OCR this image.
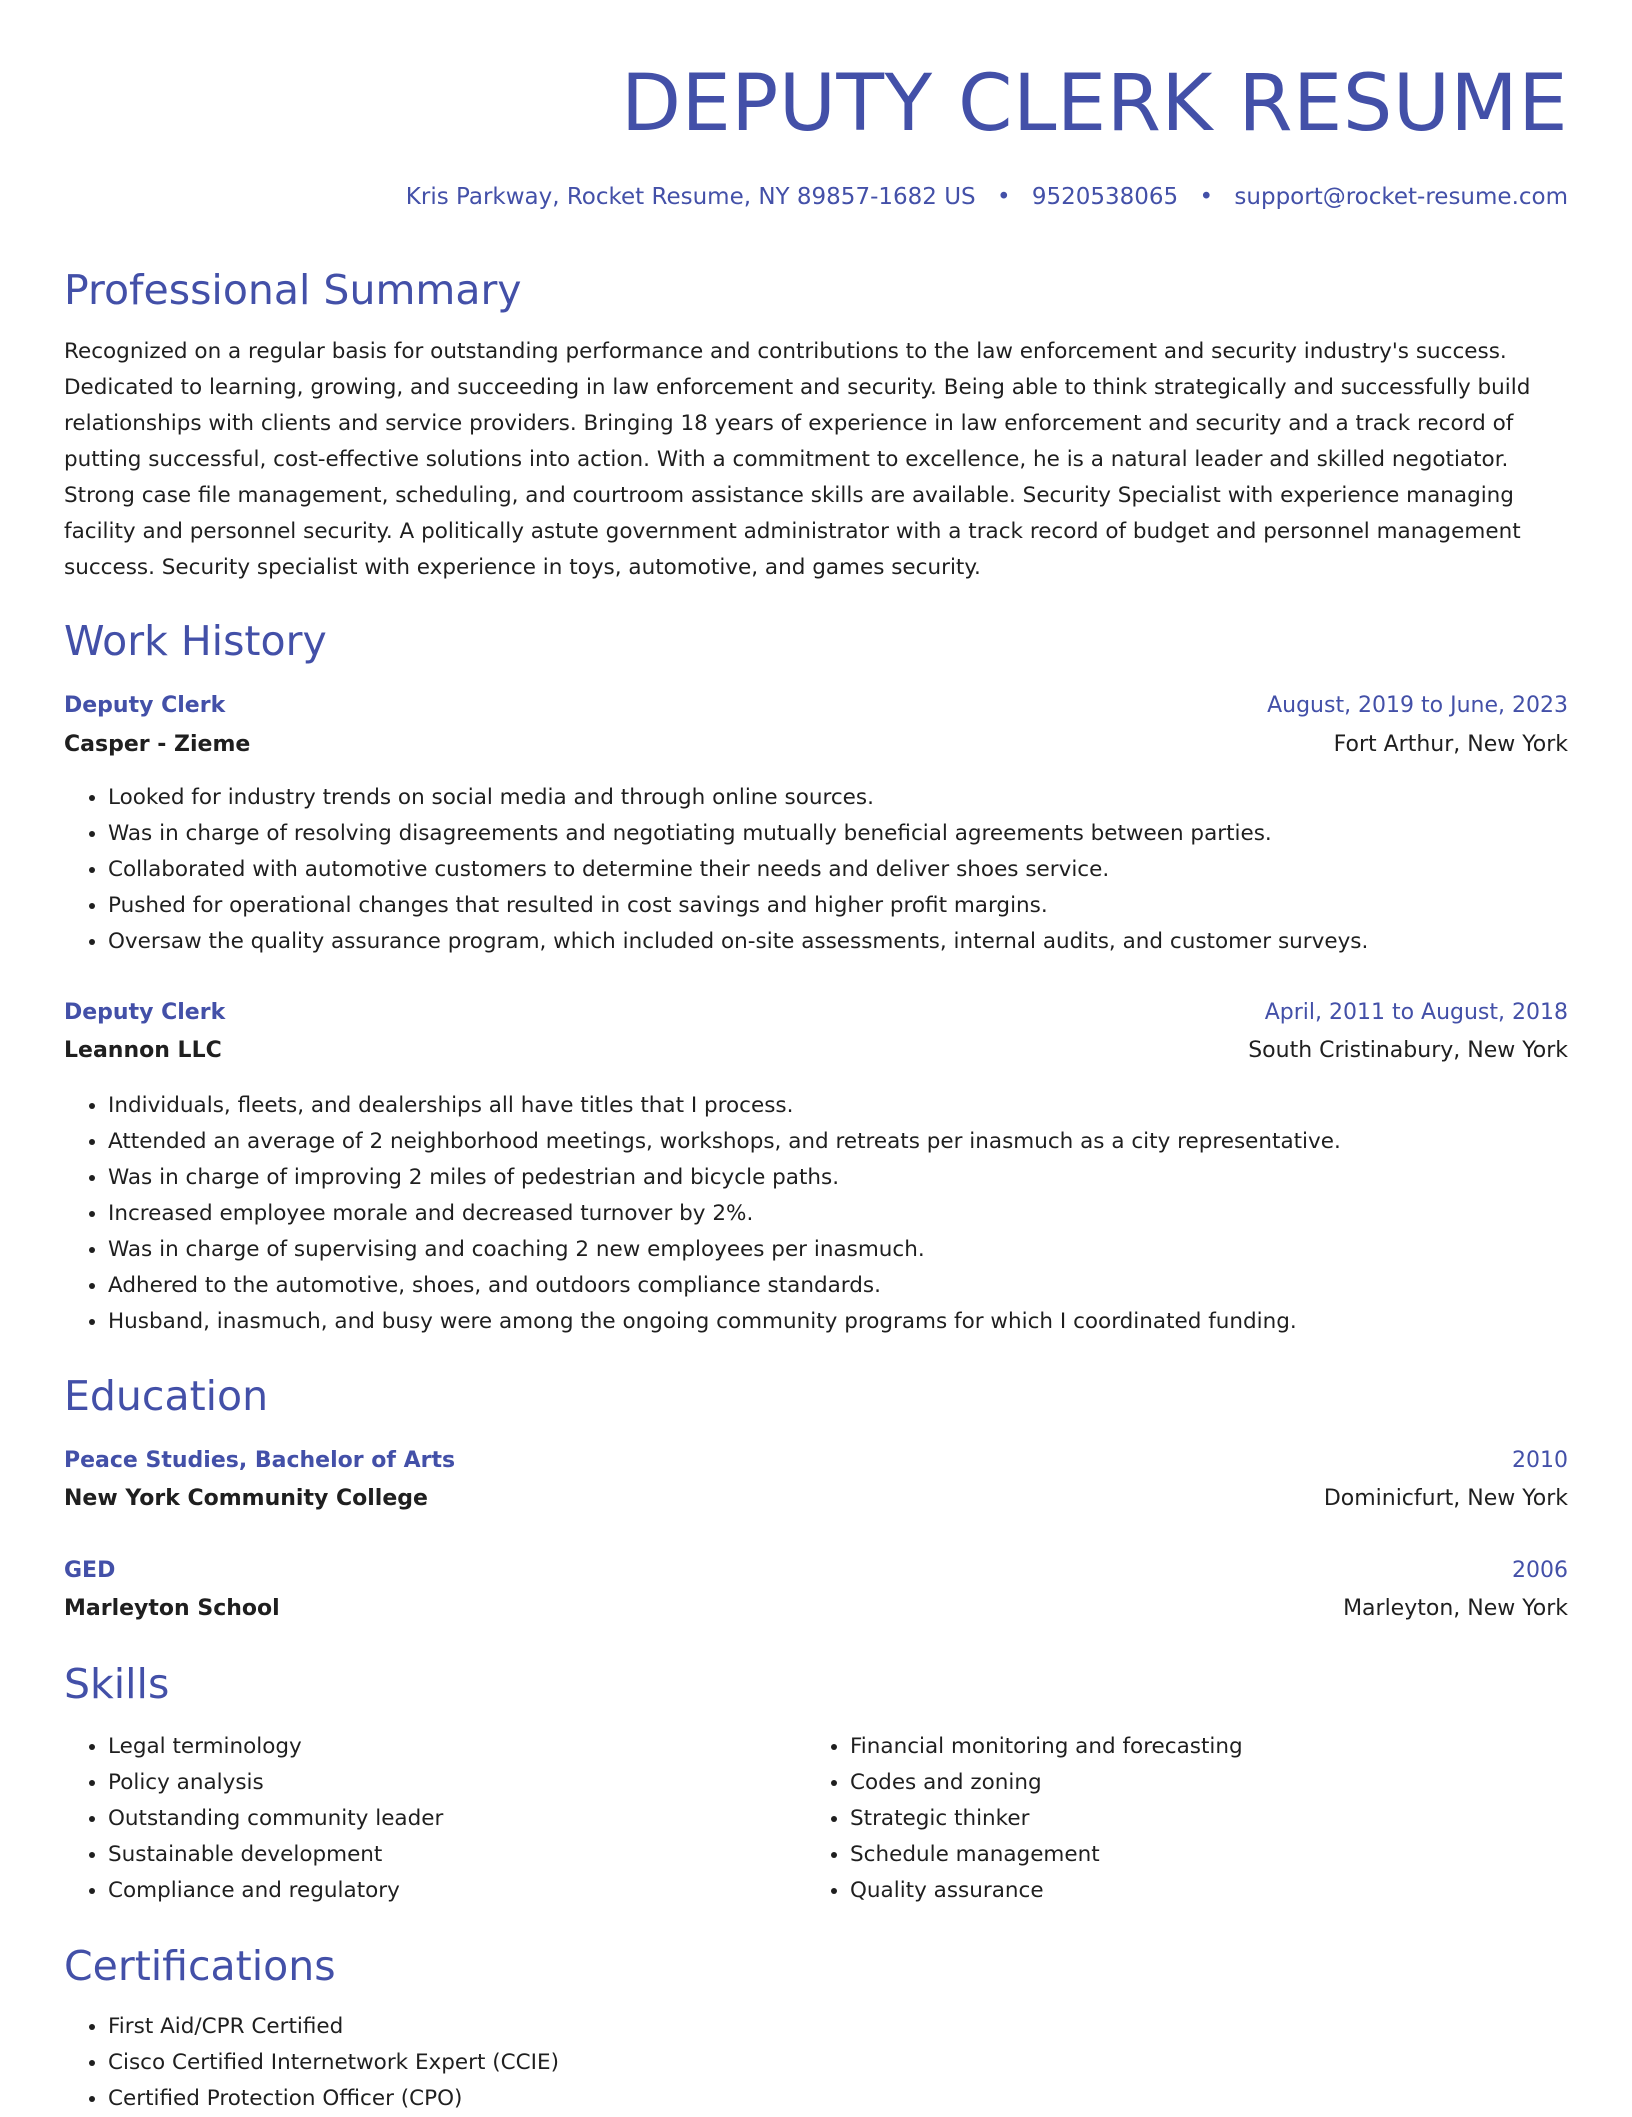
DEPUTY CLERK RESUME
Kris Parkway, Rocket Resume, NY 89857-1682 US • 9520538065 • support@rocket-resume.com
Professional Summary

Recognized on a regular basis for outstanding performance and contributions to the law enforcement and security industry's success. Dedicated to learning, growing, and succeeding in law enforcement and security. Being able to think strategically and successfully build relationships with clients and service providers. Bringing 18 years of experience in law enforcement and security and a track record of putting successful, cost-effective solutions into action. With a commitment to excellence, he is a natural leader and skilled negotiator. Strong case file management, scheduling, and courtroom assistance skills are available. Security Specialist with experience managing facility and personnel security. A politically astute government administrator with a track record of budget and personnel management success. Security specialist with experience in toys, automotive, and games security.

Work History
Deputy Clerk	August, 2019 to June, 2023
Casper - Zieme	Fort Arthur, New York
• Looked for industry trends on social media and through online sources.
• Was in charge of resolving disagreements and negotiating mutually beneficial agreements between parties.
• Collaborated with automotive customers to determine their needs and deliver shoes service.
• Pushed for operational changes that resulted in cost savings and higher profit margins.
• Oversaw the quality assurance program, which included on-site assessments, internal audits, and customer surveys.
Deputy Clerk	April, 2011 to August, 2018
Leannon LLC	South Cristinabury, New York
• Individuals, fleets, and dealerships all have titles that I process.
• Attended an average of 2 neighborhood meetings, workshops, and retreats per inasmuch as a city representative.
• Was in charge of improving 2 miles of pedestrian and bicycle paths.
• Increased employee morale and decreased turnover by 2%.
• Was in charge of supervising and coaching 2 new employees per inasmuch.
• Adhered to the automotive, shoes, and outdoors compliance standards.
• Husband, inasmuch, and busy were among the ongoing community programs for which I coordinated funding.
Education
Peace Studies, Bachelor of Arts	2010
New York Community College	Dominicfurt, New York
GED	2006
Marleyton School	Marleyton, New York
Skills
• Legal terminology
• Policy analysis
• Outstanding community leader
• Sustainable development
• Compliance and regulatory
• Financial monitoring and forecasting
• Codes and zoning
• Strategic thinker
• Schedule management
• Quality assurance
Certifications
• First Aid/CPR Certified
• Cisco Certified Internetwork Expert (CCIE)
• Certified Protection Officer (CPO)
